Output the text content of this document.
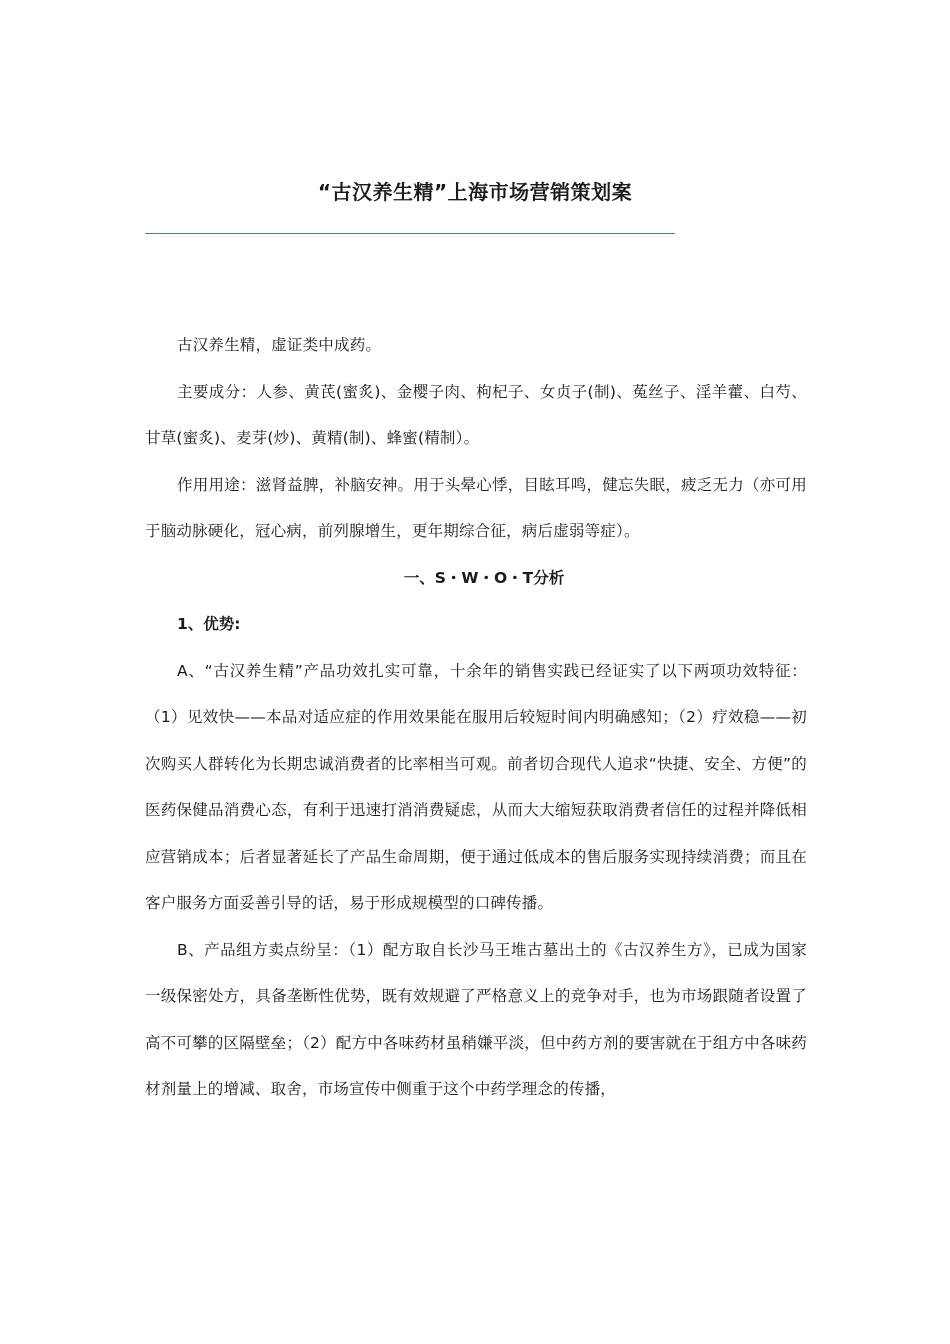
“古汉养生精”上海市场营销策划案

古汉养生精，虚证类中成药。

主要成分：人参、黄芪(蜜炙)、金樱子肉、枸杞子、女贞子(制)、菟丝子、淫羊藿、白芍、甘草(蜜炙)、麦芽(炒)、黄精(制)、蜂蜜(精制）。

作用用途：滋肾益脾，补脑安神。用于头晕心悸，目眩耳鸣，健忘失眠，疲乏无力（亦可用于脑动脉硬化，冠心病，前列腺增生，更年期综合征，病后虚弱等症）。

一、S・W・O・T分析

1、优势:

A、“古汉养生精”产品功效扎实可靠，十余年的销售实践已经证实了以下两项功效特征：（1）见效快——本品对适应症的作用效果能在服用后较短时间内明确感知；（2）疗效稳——初次购买人群转化为长期忠诚消费者的比率相当可观。前者切合现代人追求“快捷、安全、方便”的医药保健品消费心态，有利于迅速打消消费疑虑，从而大大缩短获取消费者信任的过程并降低相应营销成本；后者显著延长了产品生命周期，便于通过低成本的售后服务实现持续消费；而且在客户服务方面妥善引导的话，易于形成规模型的口碑传播。

B、产品组方卖点纷呈：（1）配方取自长沙马王堆古墓出土的《古汉养生方》，已成为国家一级保密处方，具备垄断性优势，既有效规避了严格意义上的竞争对手，也为市场跟随者设置了高不可攀的区隔壁垒；（2）配方中各味药材虽稍嫌平淡，但中药方剂的要害就在于组方中各味药材剂量上的增减、取舍，市场宣传中侧重于这个中药学理念的传播，
